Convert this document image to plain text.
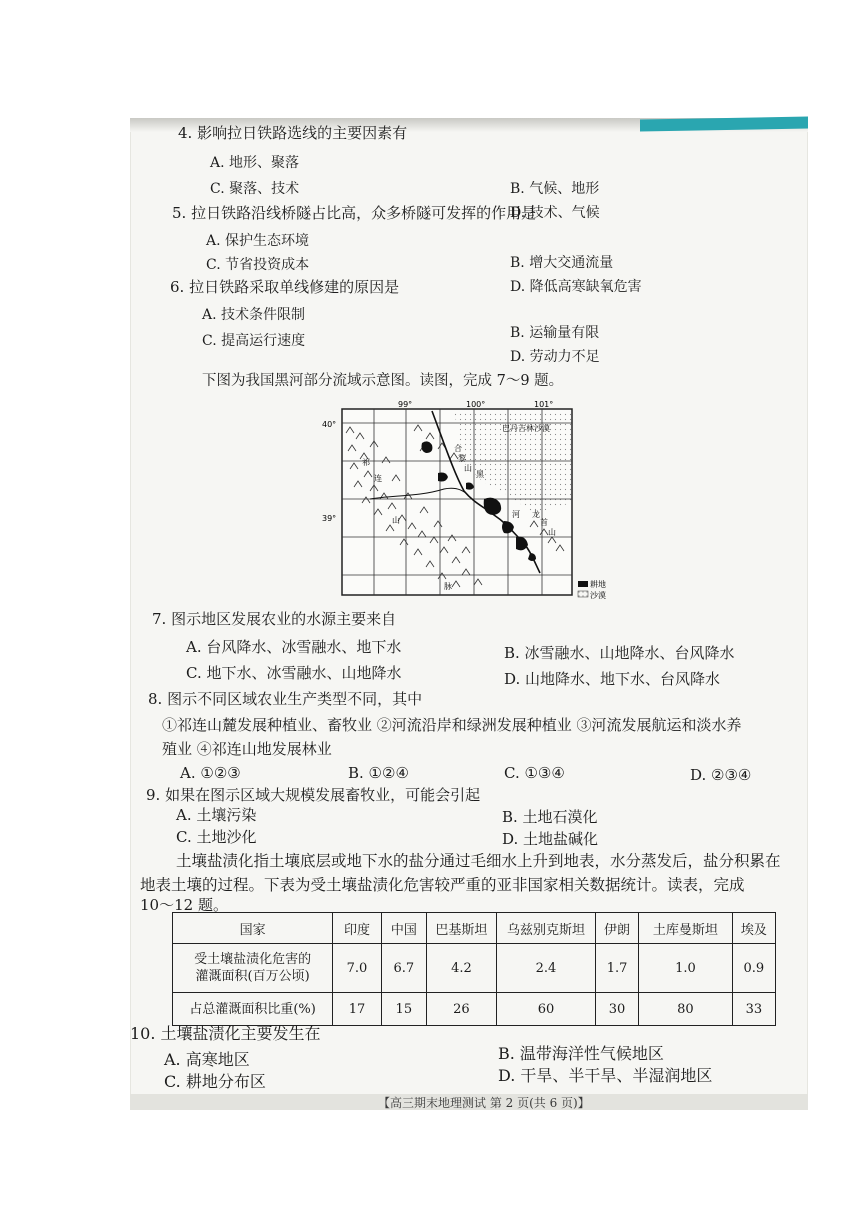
4. 影响拉日铁路选线的主要因素有
A. 地形、聚落
C. 聚落、技术	B. 气候、地形
D. 技术、气候
5. 拉日铁路沿线桥隧占比高，众多桥隧可发挥的作用是
A. 保护生态环境
C. 节省投资成本	B. 增大交通流量
D. 降低高寒缺氧危害
6. 拉日铁路采取单线修建的原因是
A. 技术条件限制
C. 提高运行速度	B. 运输量有限
D. 劳动力不足
下图为我国黑河部分流域示意图。读图，完成 7～9 题。
99°	100°	101°
40°
39°
巴丹吉林沙漠
合
黎
山
黑
河 龙
首
山
祁
连
山
脉	耕地
沙漠
7. 图示地区发展农业的水源主要来自
A. 台风降水、冰雪融水、地下水	B. 冰雪融水、山地降水、台风降水
C. 地下水、冰雪融水、山地降水	D. 山地降水、地下水、台风降水
8. 图示不同区域农业生产类型不同，其中
①祁连山麓发展种植业、畜牧业 ②河流沿岸和绿洲发展种植业 ③河流发展航运和淡水养
殖业 ④祁连山地发展林业
A. ①②③	B. ①②④	C. ①③④	D. ②③④
9. 如果在图示区域大规模发展畜牧业，可能会引起
A. 土壤污染	B. 土地石漠化
C. 土地沙化	D. 土地盐碱化
土壤盐渍化指土壤底层或地下水的盐分通过毛细水上升到地表，水分蒸发后，盐分积累在
地表土壤的过程。下表为受土壤盐渍化危害较严重的亚非国家相关数据统计。读表，完成
10～12 题。
国家	印度	中国	巴基斯坦	乌兹别克斯坦	伊朗	土库曼斯坦	埃及

受土壤盐渍化危害的
灌溉面积(百万公顷)	7.0	6.7	4.2	2.4	1.7	1.0	0.9
占总灌溉面积比重(%)	17	15	26	60	30	80	33
10. 土壤盐渍化主要发生在
A. 高寒地区	B. 温带海洋性气候地区
C. 耕地分布区	D. 干旱、半干旱、半湿润地区
【高三期末地理测试 第 2 页(共 6 页)】
